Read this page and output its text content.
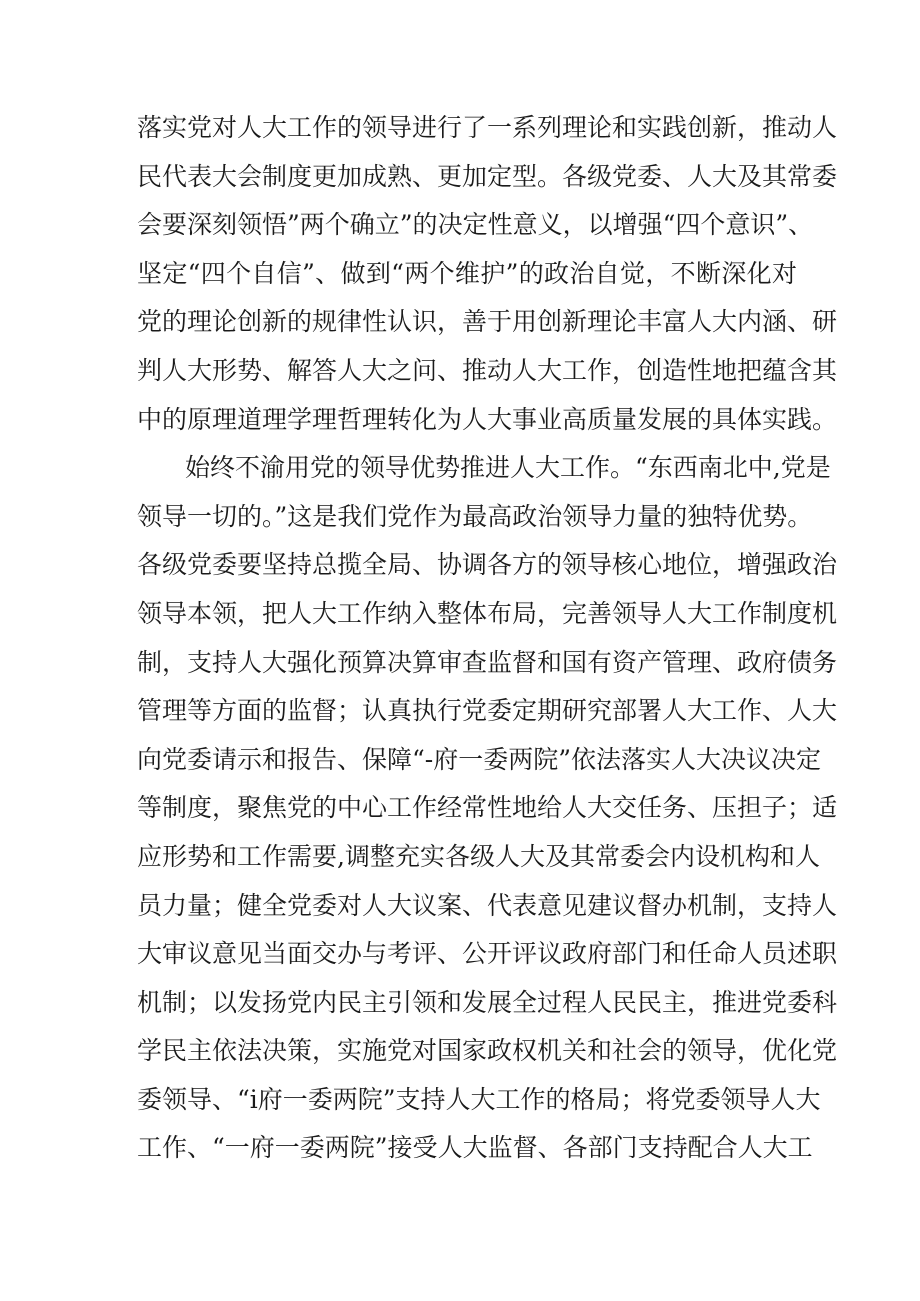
落实党对人大工作的领导进行了一系列理论和实践创新，推动人
民代表大会制度更加成熟、更加定型。各级党委、人大及其常委
会要深刻领悟”两个确立”的决定性意义，以增强“四个意识”、
坚定“四个自信”、做到“两个维护”的政治自觉，不断深化对
党的理论创新的规律性认识，善于用创新理论丰富人大内涵、研
判人大形势、解答人大之问、推动人大工作，创造性地把蕴含其
中的原理道理学理哲理转化为人大事业高质量发展的具体实践。
始终不渝用党的领导优势推进人大工作。“东西南北中,党是
领导一切的。”这是我们党作为最高政治领导力量的独特优势。
各级党委要坚持总揽全局、协调各方的领导核心地位，增强政治
领导本领，把人大工作纳入整体布局，完善领导人大工作制度机
制，支持人大强化预算决算审查监督和国有资产管理、政府债务
管理等方面的监督；认真执行党委定期研究部署人大工作、人大
向党委请示和报告、保障“-府一委两院”依法落实人大决议决定
等制度，聚焦党的中心工作经常性地给人大交任务、压担子；适
应形势和工作需要,调整充实各级人大及其常委会内设机构和人
员力量；健全党委对人大议案、代表意见建议督办机制，支持人
大审议意见当面交办与考评、公开评议政府部门和任命人员述职
机制；以发扬党内民主引领和发展全过程人民民主，推进党委科
学民主依法决策，实施党对国家政权机关和社会的领导，优化党
委领导、“i府一委两院”支持人大工作的格局；将党委领导人大
工作、“一府一委两院”接受人大监督、各部门支持配合人大工
